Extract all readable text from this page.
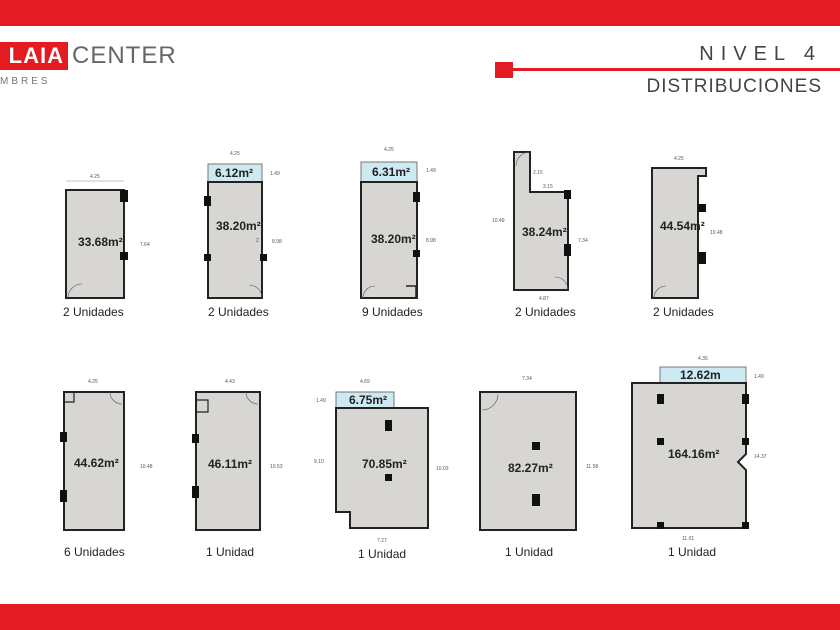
LAIA CENTER
MBRES
NIVEL 4
DISTRIBUCIONES
4.25
7.64
33.68m²
2 Unidades
4.25
6.12m²	1.49
8.98
2
38.20m²
2 Unidades
4.25
6.31m²	1.49
8.98
38.20m²
9 Unidades
2.15
3.15
10.49
7.34
4.87
38.24m²
2 Unidades
4.25
10.48
44.54m²
2 Unidades
4.25
10.48
44.62m²
6 Unidades
4.43
10.53
46.11m²
1 Unidad
4.69
6.75m²
1.49
9.10
10.03
7.27
70.85m²
1 Unidad
7.34
11.58
82.27m²
1 Unidad
4.35
12.62m	1.49
14.37
11.01
164.16m²
1 Unidad
